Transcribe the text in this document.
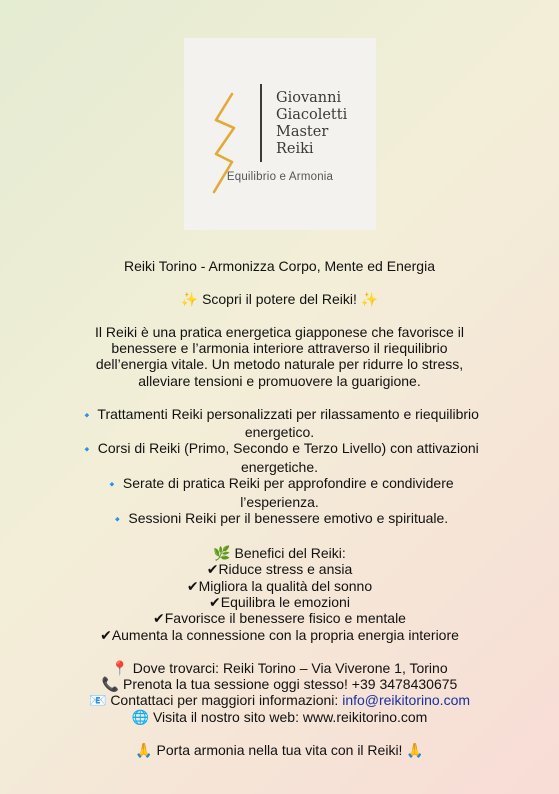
Giovanni
Giacoletti
Master
Reiki
Equilibrio e Armonia
Reiki Torino - Armonizza Corpo, Mente ed Energia
✨ Scopri il potere del Reiki! ✨
Il Reiki è una pratica energetica giapponese che favorisce il
benessere e l’armonia interiore attraverso il riequilibrio
dell’energia vitale. Un metodo naturale per ridurre lo stress,
alleviare tensioni e promuovere la guarigione.
🔹 Trattamenti Reiki personalizzati per rilassamento e riequilibrio
energetico.
🔹 Corsi di Reiki (Primo, Secondo e Terzo Livello) con attivazioni
energetiche.
🔹 Serate di pratica Reiki per approfondire e condividere
l’esperienza.
🔹 Sessioni Reiki per il benessere emotivo e spirituale.
🌿 Benefici del Reiki:
✔Riduce stress e ansia
✔Migliora la qualità del sonno
✔Equilibra le emozioni
✔Favorisce il benessere fisico e mentale
✔Aumenta la connessione con la propria energia interiore
📍 Dove trovarci: Reiki Torino – Via Viverone 1, Torino
📞 Prenota la tua sessione oggi stesso! +39 3478430675
📧 Contattaci per maggiori informazioni: info@reikitorino.com
🌐 Visita il nostro sito web: www.reikitorino.com
🙏 Porta armonia nella tua vita con il Reiki! 🙏
